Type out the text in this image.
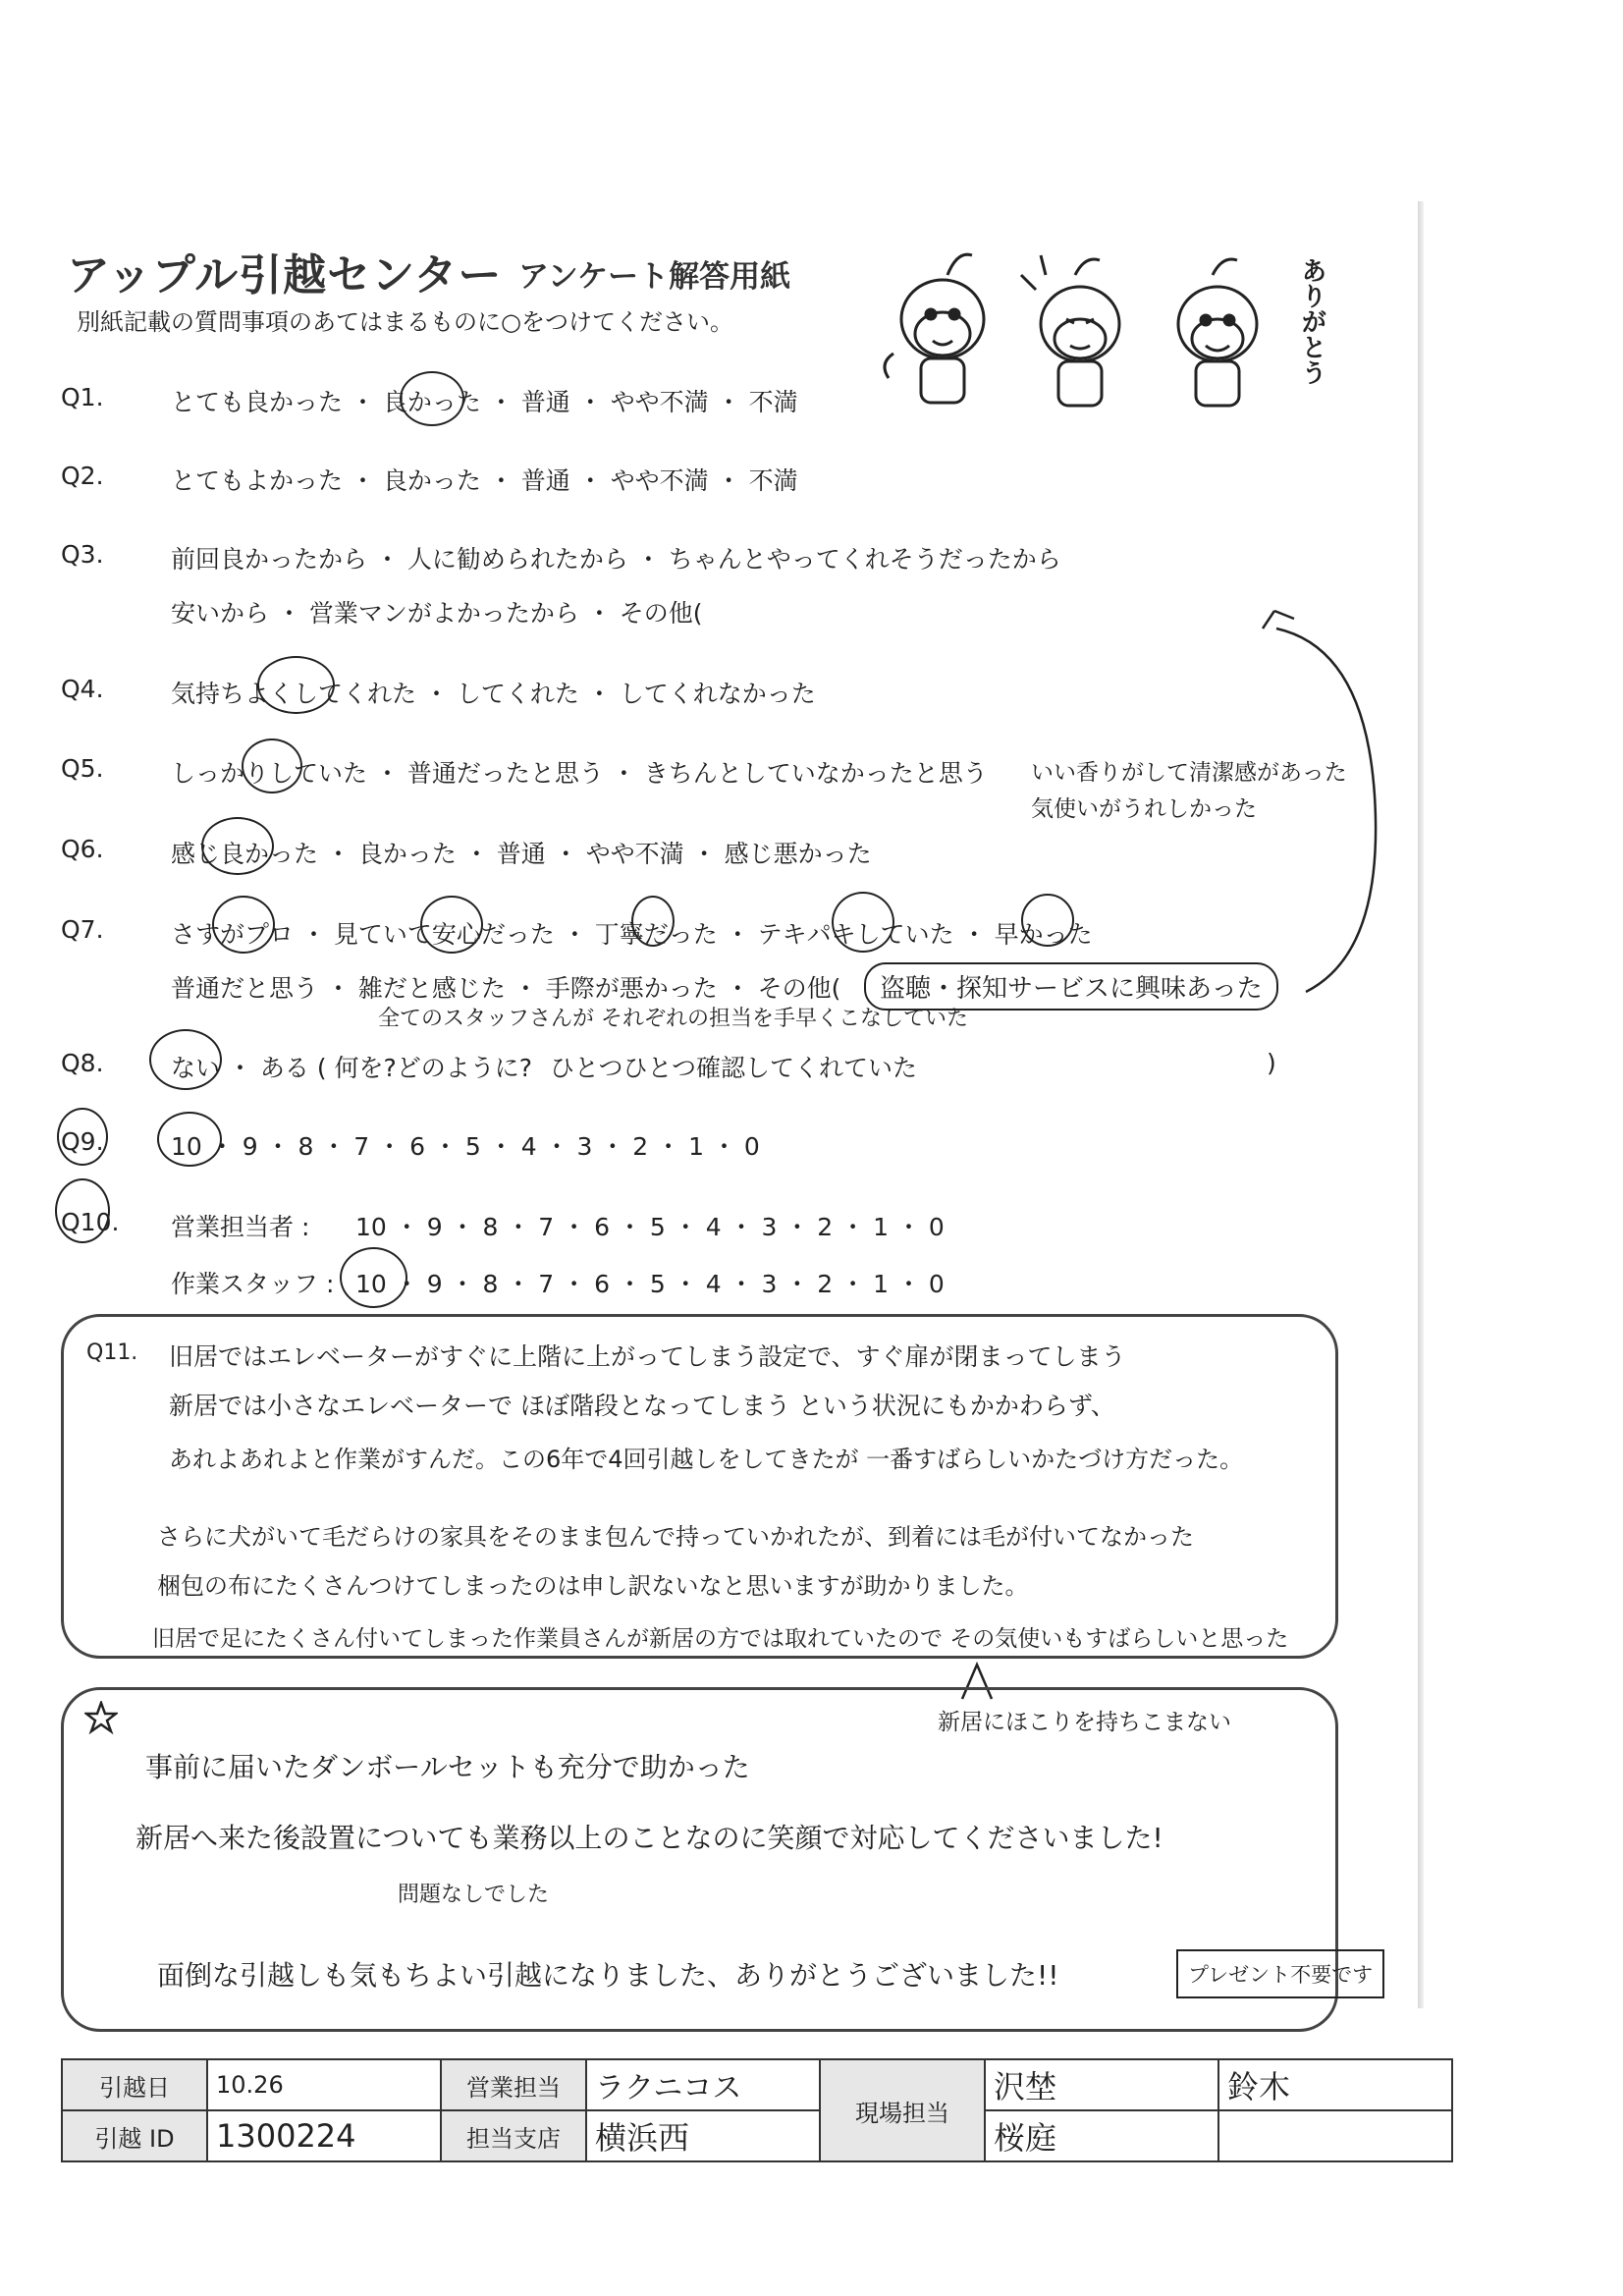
アップル引越センター アンケート解答用紙
別紙記載の質問事項のあてはまるものに○をつけてください。	ありがとう
Q1.	とても良かった ・ 良かった ・ 普通 ・ やや不満 ・ 不満
Q2.	とてもよかった ・ 良かった ・ 普通 ・ やや不満 ・ 不満
Q3.	前回良かったから ・ 人に勧められたから ・ ちゃんとやってくれそうだったから
安いから ・ 営業マンがよかったから ・ その他(
Q4.	気持ちよくしてくれた ・ してくれた ・ してくれなかった
Q5.	しっかりしていた ・ 普通だったと思う ・ きちんとしていなかったと思う
Q6.	感じ良かった ・ 良かった ・ 普通 ・ やや不満 ・ 感じ悪かった
Q7.	さすがプロ ・ 見ていて安心だった ・ 丁寧だった ・ テキパキしていた ・ 早かった
普通だと思う ・ 雑だと感じた ・ 手際が悪かった ・ その他(
Q8.	ない ・ ある ( 何を?どのように?	)
Q9.	10 ・ 9 ・ 8 ・ 7 ・ 6 ・ 5 ・ 4 ・ 3 ・ 2 ・ 1 ・ 0
Q10. 営業担当者 : 10 ・ 9 ・ 8 ・ 7 ・ 6 ・ 5 ・ 4 ・ 3 ・ 2 ・ 1 ・ 0
作業スタッフ : 10 ・ 9 ・ 8 ・ 7 ・ 6 ・ 5 ・ 4 ・ 3 ・ 2 ・ 1 ・ 0
いい香りがして清潔感があった
気使いがうれしかった
盗聴・探知サービスに興味あった
全てのスタッフさんが それぞれの担当を手早くこなしていた
ひとつひとつ確認してくれていた
Q11. 旧居ではエレベーターがすぐに上階に上がってしまう設定で、すぐ扉が閉まってしまう
新居では小さなエレベーターで ほぼ階段となってしまう という状況にもかかわらず、
あれよあれよと作業がすんだ。この6年で4回引越しをしてきたが 一番すばらしいかたづけ方だった。
さらに犬がいて毛だらけの家具をそのまま包んで持っていかれたが、到着には毛が付いてなかった
梱包の布にたくさんつけてしまったのは申し訳ないなと思いますが助かりました。
旧居で足にたくさん付いてしまった作業員さんが新居の方では取れていたので その気使いもすばらしいと思った
新居にほこりを持ちこまない
事前に届いたダンボールセットも充分で助かった
新居へ来た後設置についても業務以上のことなのに笑顔で対応してくださいました!
問題なしでした
面倒な引越しも気もちよい引越になりました、ありがとうございました!!	プレゼント不要です
引越日	10.26	営業担当	ラクニコス	現場担当	沢埜	鈴木
引越 ID	1300224	担当支店	横浜西		桜庭	
